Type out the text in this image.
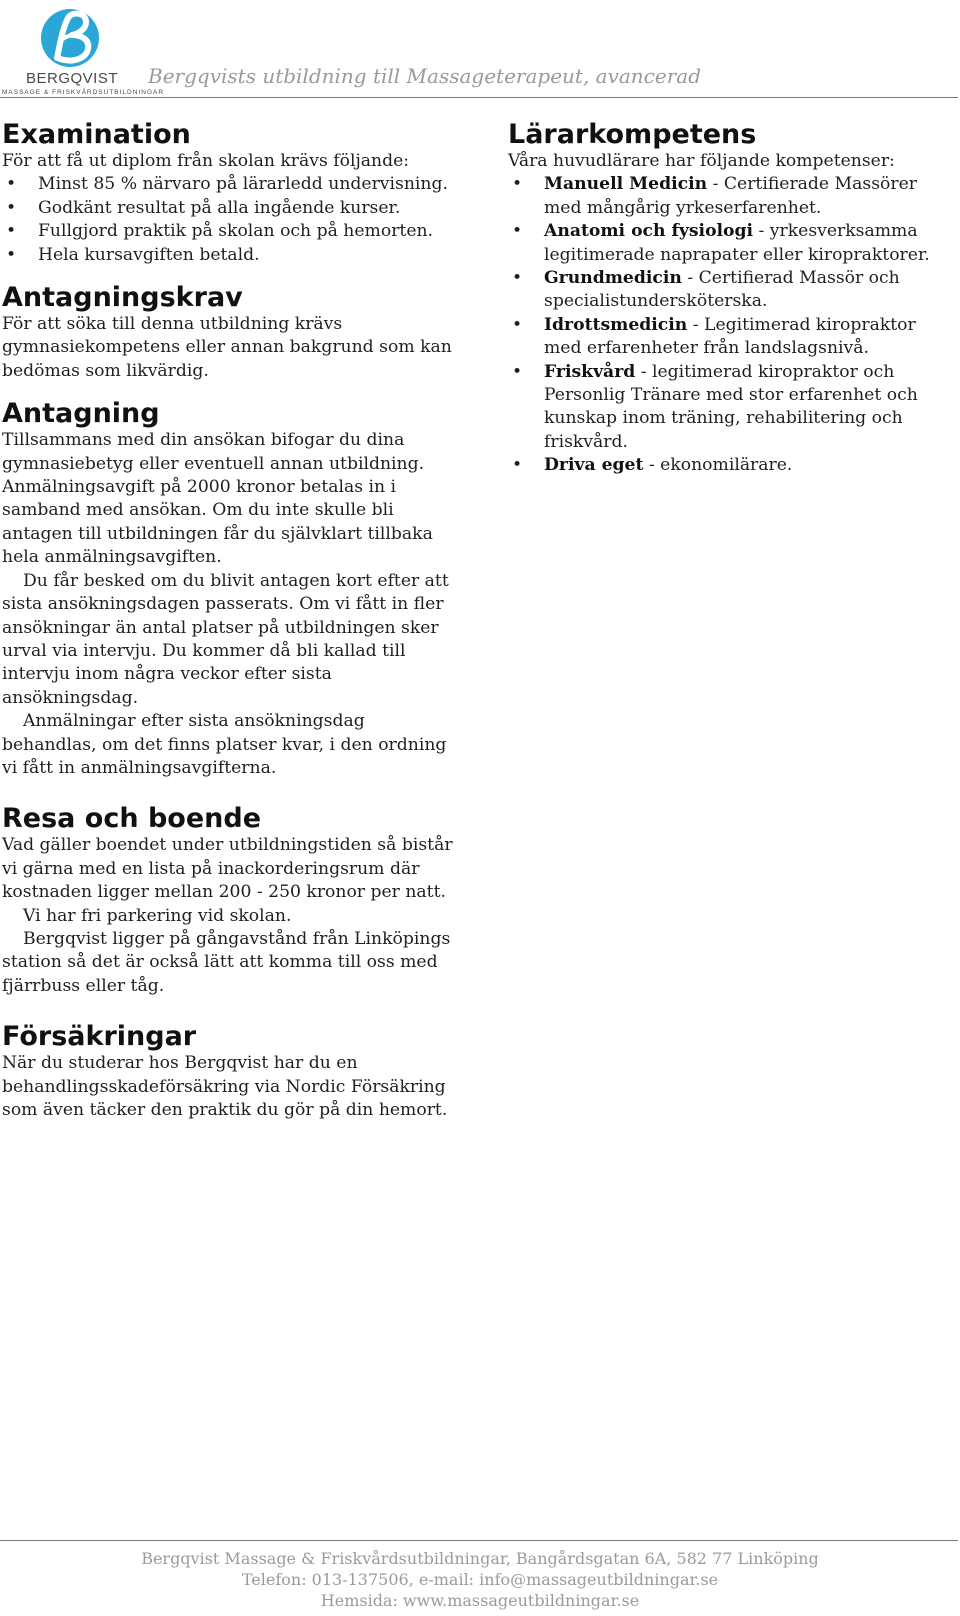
BERGQVIST
MASSAGE & FRISKVÅRDSUTBILDNINGAR
Bergqvists utbildning till Massageterapeut, avancerad
Examination

För att få ut diplom från skolan krävs följande:

• Minst 85 % närvaro på lärarledd undervisning.
• Godkänt resultat på alla ingående kurser.
• Fullgjord praktik på skolan och på hemorten.
• Hela kursavgiften betald.
Antagningskrav

För att söka till denna utbildning krävs gymnasiekompetens eller annan bakgrund som kan bedömas som likvärdig.

Antagning

Tillsammans med din ansökan bifogar du dina gymnasiebetyg eller eventuell annan utbildning. Anmälningsavgift på 2000 kronor betalas in i samband med ansökan. Om du inte skulle bli antagen till utbildningen får du självklart tillbaka hela anmälningsavgiften.

Du får besked om du blivit antagen kort efter att sista ansökningsdagen passerats. Om vi fått in fler ansökningar än antal platser på utbildningen sker urval via intervju. Du kommer då bli kallad till intervju inom några veckor efter sista ansökningsdag.

Anmälningar efter sista ansökningsdag behandlas, om det finns platser kvar, i den ordning vi fått in anmälningsavgifterna.

Resa och boende

Vad gäller boendet under utbildningstiden så bistår vi gärna med en lista på inackorderingsrum där kostnaden ligger mellan 200 - 250 kronor per natt.

Vi har fri parkering vid skolan.

Bergqvist ligger på gångavstånd från Linköpings station så det är också lätt att komma till oss med fjärrbuss eller tåg.

Försäkringar

När du studerar hos Bergqvist har du en behandlingsskadeförsäkring via Nordic Försäkring som även täcker den praktik du gör på din hemort.

Lärarkompetens

Våra huvudlärare har följande kompetenser:

• Manuell Medicin - Certifierade Massörer med mångårig yrkeserfarenhet.
• Anatomi och fysiologi - yrkesverksamma legitimerade naprapater eller kiropraktorer.
• Grundmedicin - Certifierad Massör och specialistundersköterska.
• Idrottsmedicin - Legitimerad kiropraktor med erfarenheter från landslagsnivå.
• Friskvård - legitimerad kiropraktor och Personlig Tränare med stor erfarenhet och kunskap inom träning, rehabilitering och friskvård.
• Driva eget - ekonomilärare.
Bergqvist Massage & Friskvårdsutbildningar, Bangårdsgatan 6A, 582 77 Linköping
Telefon: 013-137506, e-mail: info@massageutbildningar.se
Hemsida: www.massageutbildningar.se
